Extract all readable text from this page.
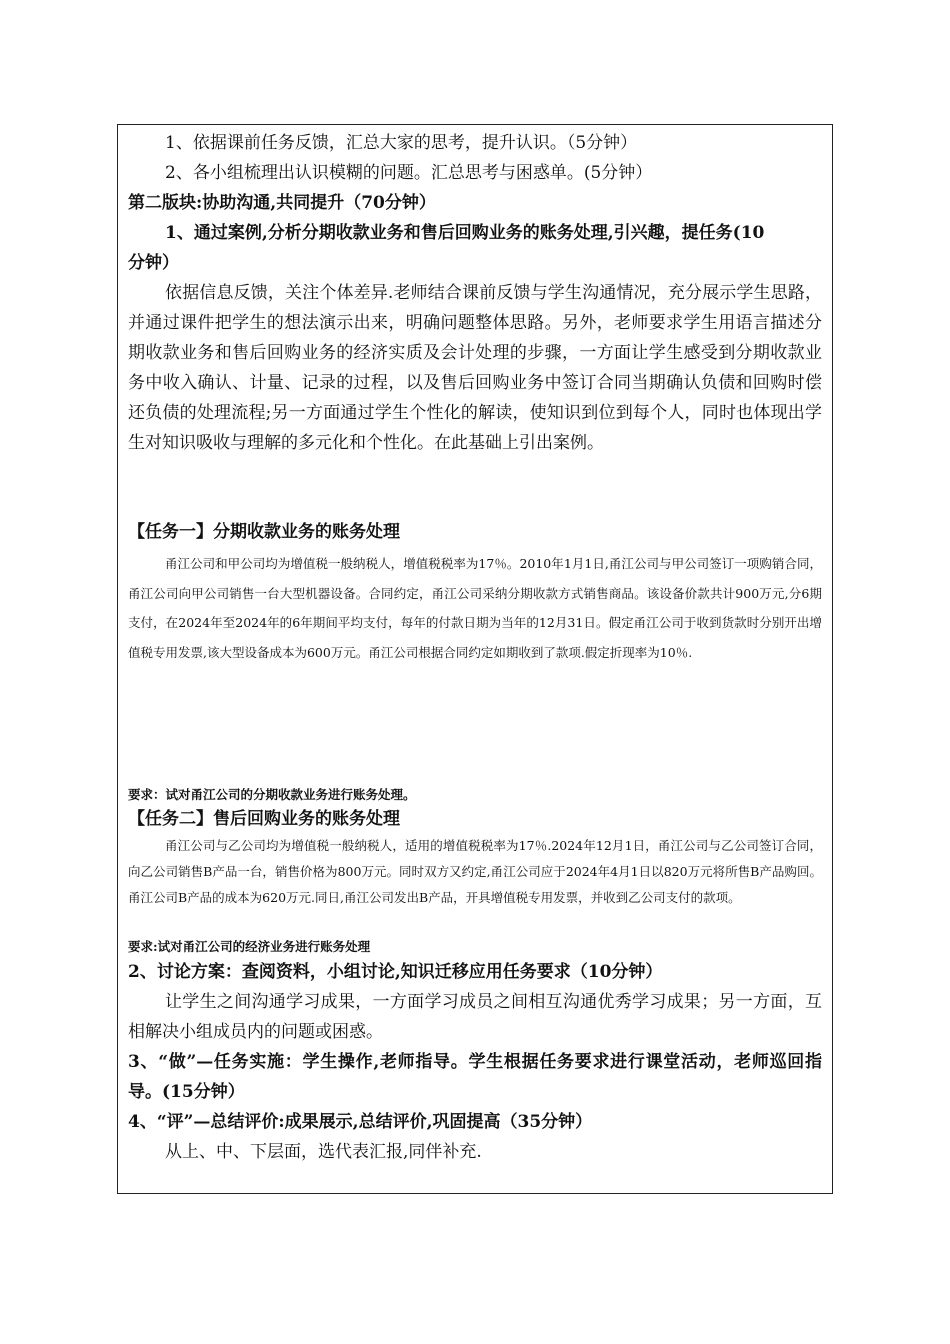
1、依据课前任务反馈，汇总大家的思考，提升认识。（5分钟）
2、各小组梳理出认识模糊的问题。汇总思考与困惑单。(5分钟）
第二版块:协助沟通,共同提升（70分钟）
1、通过案例,分析分期收款业务和售后回购业务的账务处理,引兴趣，提任务(10
分钟）

依据信息反馈，关注个体差异.老师结合课前反馈与学生沟通情况，充分展示学生思路，并通过课件把学生的想法演示出来，明确问题整体思路。另外，老师要求学生用语言描述分期收款业务和售后回购业务的经济实质及会计处理的步骤，一方面让学生感受到分期收款业务中收入确认、计量、记录的过程，以及售后回购业务中签订合同当期确认负债和回购时偿还负债的处理流程;另一方面通过学生个性化的解读，使知识到位到每个人，同时也体现出学生对知识吸收与理解的多元化和个性化。在此基础上引出案例。

【任务一】分期收款业务的账务处理

甬江公司和甲公司均为增值税一般纳税人，增值税税率为17％。2010年1月1日,甬江公司与甲公司签订一项购销合同，甬江公司向甲公司销售一台大型机器设备。合同约定，甬江公司采纳分期收款方式销售商品。该设备价款共计900万元,分6期支付，在2024年至2024年的6年期间平均支付，每年的付款日期为当年的12月31日。假定甬江公司于收到货款时分别开出增值税专用发票,该大型设备成本为600万元。甬江公司根据合同约定如期收到了款项.假定折现率为10％.

要求：试对甬江公司的分期收款业务进行账务处理。
【任务二】售后回购业务的账务处理

甬江公司与乙公司均为增值税一般纳税人，适用的增值税税率为17％.2024年12月1日，甬江公司与乙公司签订合同，向乙公司销售B产品一台，销售价格为800万元。同时双方又约定,甬江公司应于2024年4月1日以820万元将所售B产品购回。甬江公司B产品的成本为620万元.同日,甬江公司发出B产品，开具增值税专用发票，并收到乙公司支付的款项。

要求:试对甬江公司的经济业务进行账务处理
2、讨论方案：查阅资料，小组讨论,知识迁移应用任务要求（10分钟）

让学生之间沟通学习成果，一方面学习成员之间相互沟通优秀学习成果；另一方面，互相解决小组成员内的问题或困惑。

3、“做”—任务实施：学生操作,老师指导。学生根据任务要求进行课堂活动，老师巡回指导。(15分钟）

4、“评”—总结评价:成果展示,总结评价,巩固提高（35分钟）
从上、中、下层面，选代表汇报,同伴补充.
